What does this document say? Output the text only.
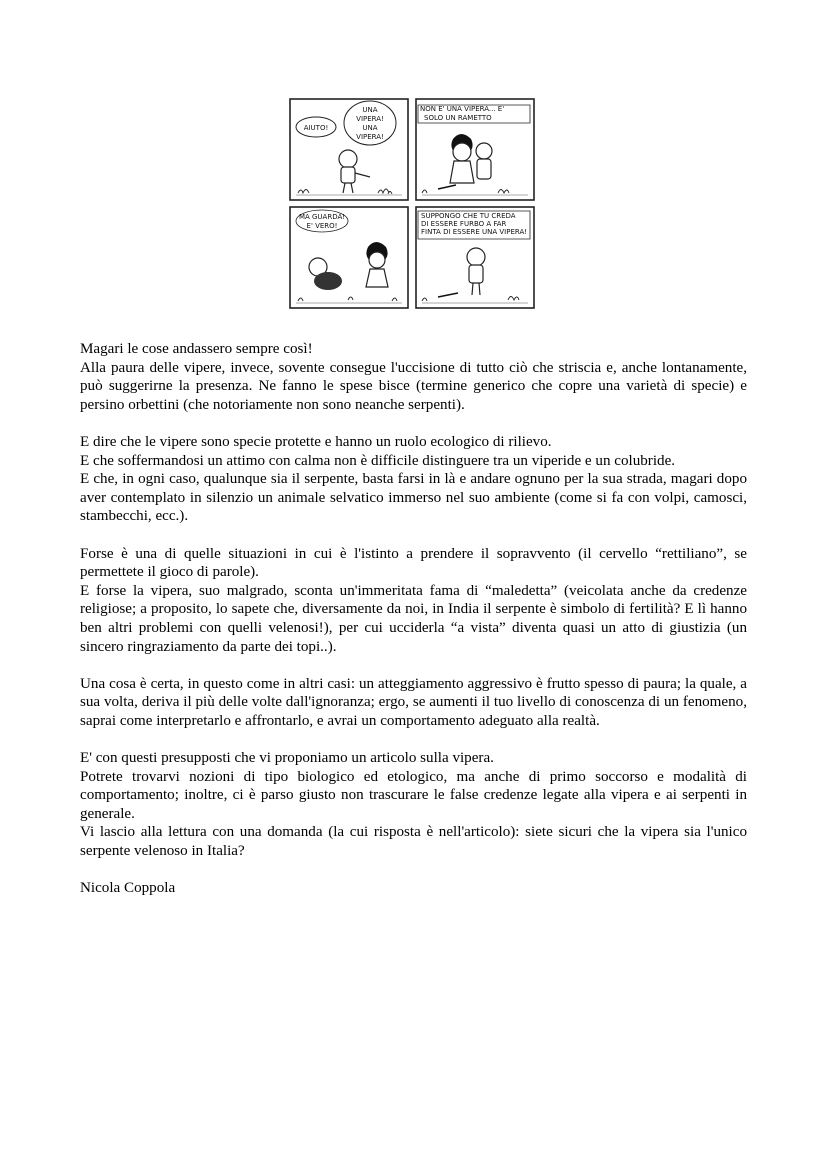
AIUTO!
UNA
VIPERA!
UNA
VIPERA!
NON E' UNA VIPERA... E'
SOLO UN RAMETTO
MA GUARDA!
E' VERO!
SUPPONGO CHE TU CREDA
DI ESSERE FURBO A FAR
FINTA DI ESSERE UNA VIPERA!

Magari le cose andassero sempre così!
Alla paura delle vipere, invece, sovente consegue l'uccisione di tutto ciò che striscia e, anche lontanamente, può suggerirne la presenza. Ne fanno le spese bisce (termine generico che copre una varietà di specie) e persino orbettini (che notoriamente non sono neanche serpenti).

E dire che le vipere sono specie protette e hanno un ruolo ecologico di rilievo.
E che soffermandosi un attimo con calma non è difficile distinguere tra un viperide e un colubride.
E che, in ogni caso, qualunque sia il serpente, basta farsi in là e andare ognuno per la sua strada, magari dopo aver contemplato in silenzio un animale selvatico immerso nel suo ambiente (come si fa con volpi, camosci, stambecchi, ecc.).

Forse è una di quelle situazioni in cui è l'istinto a prendere il sopravvento (il cervello “rettiliano”, se permettete il gioco di parole).
E forse la vipera, suo malgrado, sconta un'immeritata fama di “maledetta” (veicolata anche da credenze religiose; a proposito, lo sapete che, diversamente da noi, in India il serpente è simbolo di fertilità? E lì hanno ben altri problemi con quelli velenosi!), per cui ucciderla “a vista” diventa quasi un atto di giustizia (un sincero ringraziamento da parte dei topi..).

Una cosa è certa, in questo come in altri casi: un atteggiamento aggressivo è frutto spesso di paura; la quale, a sua volta, deriva il più delle volte dall'ignoranza; ergo, se aumenti il tuo livello di conoscenza di un fenomeno, saprai come interpretarlo e affrontarlo, e avrai un comportamento adeguato alla realtà.

E' con questi presupposti che vi proponiamo un articolo sulla vipera.
Potrete trovarvi nozioni di tipo biologico ed etologico, ma anche di primo soccorso e modalità di comportamento; inoltre, ci è parso giusto non trascurare le false credenze legate alla vipera e ai serpenti in generale.
Vi lascio alla lettura con una domanda (la cui risposta è nell'articolo): siete sicuri che la vipera sia l'unico serpente velenoso in Italia?

Nicola Coppola
